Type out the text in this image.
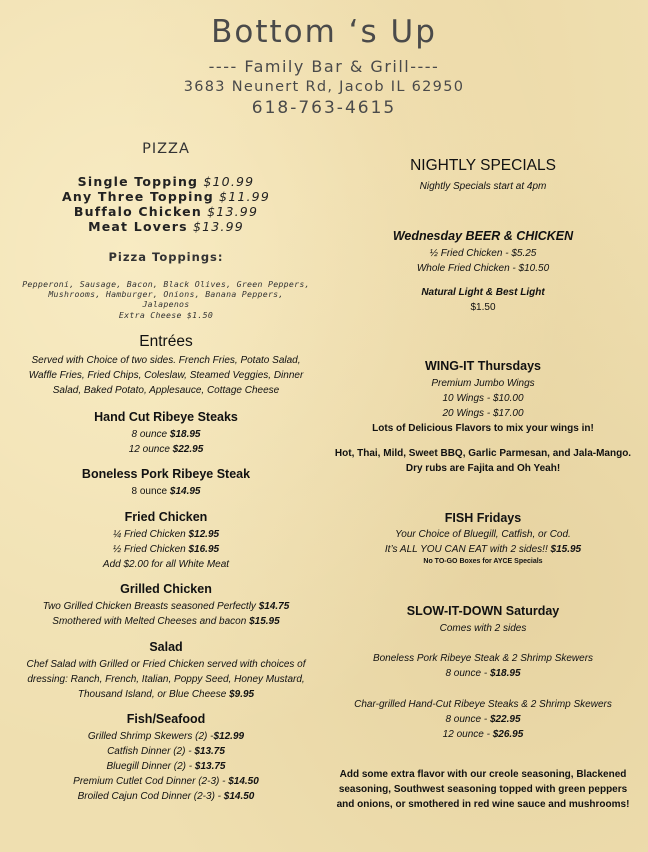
Bottom ‘s Up
---- Family Bar & Grill----
3683 Neunert Rd, Jacob IL 62950
618-763-4615
PIZZA
Single Topping $10.99
Any Three Topping $11.99
Buffalo Chicken $13.99
Meat Lovers $13.99
Pizza Toppings:
Pepperoni, Sausage, Bacon, Black Olives, Green Peppers,
Mushrooms, Hamburger, Onions, Banana Peppers,
Jalapenos
Extra Cheese $1.50
Entrées
Served with Choice of two sides. French Fries, Potato Salad,
Waffle Fries, Fried Chips, Coleslaw, Steamed Veggies, Dinner
Salad, Baked Potato, Applesauce, Cottage Cheese
Hand Cut Ribeye Steaks
8 ounce $18.95
12 ounce $22.95
Boneless Pork Ribeye Steak
8 ounce $14.95
Fried Chicken
¼ Fried Chicken $12.95
½ Fried Chicken $16.95
Add $2.00 for all White Meat
Grilled Chicken
Two Grilled Chicken Breasts seasoned Perfectly $14.75
Smothered with Melted Cheeses and bacon $15.95
Salad
Chef Salad with Grilled or Fried Chicken served with choices of
dressing: Ranch, French, Italian, Poppy Seed, Honey Mustard,
Thousand Island, or Blue Cheese $9.95
Fish/Seafood
Grilled Shrimp Skewers (2) -$12.99
Catfish Dinner (2) - $13.75
Bluegill Dinner (2) - $13.75
Premium Cutlet Cod Dinner (2-3) - $14.50
Broiled Cajun Cod Dinner (2-3) - $14.50
NIGHTLY SPECIALS
Nightly Specials start at 4pm
Wednesday BEER & CHICKEN
½ Fried Chicken - $5.25
Whole Fried Chicken - $10.50
Natural Light & Best Light
$1.50
WING-IT Thursdays
Premium Jumbo Wings
10 Wings - $10.00
20 Wings - $17.00
Lots of Delicious Flavors to mix your wings in!
Hot, Thai, Mild, Sweet BBQ, Garlic Parmesan, and Jala-Mango.
Dry rubs are Fajita and Oh Yeah!
FISH Fridays
Your Choice of Bluegill, Catfish, or Cod.
It’s ALL YOU CAN EAT with 2 sides!! $15.95
No TO-GO Boxes for AYCE Specials
SLOW-IT-DOWN Saturday
Comes with 2 sides
Boneless Pork Ribeye Steak & 2 Shrimp Skewers
8 ounce - $18.95
Char-grilled Hand-Cut Ribeye Steaks & 2 Shrimp Skewers
8 ounce - $22.95
12 ounce - $26.95
Add some extra flavor with our creole seasoning, Blackened
seasoning, Southwest seasoning topped with green peppers
and onions, or smothered in red wine sauce and mushrooms!
